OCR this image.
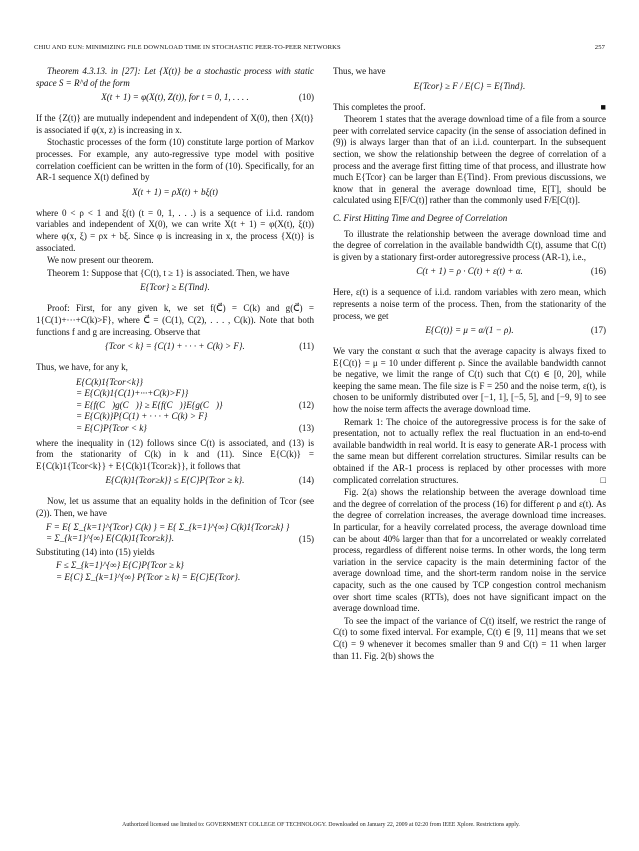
CHIU AND EUN: MINIMIZING FILE DOWNLOAD TIME IN STOCHASTIC PEER-TO-PEER NETWORKS	257

Theorem 4.3.13. in [27]: Let {X(t)} be a stochastic process with static space S = R^d of the form

X(t + 1) = φ(X(t), Z(t)), for t = 0, 1, . . . .	(10)

If the {Z(t)} are mutually independent and independent of X(0), then {X(t)} is associated if φ(x, z) is increasing in x.

Stochastic processes of the form (10) constitute large portion of Markov processes. For example, any auto-regressive type model with positive correlation coefficient can be written in the form of (10). Specifically, for an AR-1 sequence X(t) defined by

X(t + 1) = ρX(t) + bξ(t)

where 0 < ρ < 1 and ξ(t) (t = 0, 1, . . .) is a sequence of i.i.d. random variables and independent of X(0), we can write X(t + 1) = φ(X(t), ξ(t)) where φ(x, ξ) = ρx + bξ. Since φ is increasing in x, the process {X(t)} is associated.

We now present our theorem.

Theorem 1: Suppose that {C(t), t ≥ 1} is associated. Then, we have

E{Tcor} ≥ E{Tind}.

Proof: First, for any given k, we set f(C⃗) = C(k) and g(C⃗) = 1{C(1)+···+C(k)>F}, where C⃗ = (C(1), C(2), . . . , C(k)). Note that both functions f and g are increasing. Observe that

{Tcor < k} = {C(1) + · · · + C(k) > F}.	(11)

Thus, we have, for any k,

E{C(k)1{Tcor<k}}
= E{C(k)1{C(1)+···+C(k)>F}}
= E{f(C⃗)g(C⃗)} ≥ E{f(C⃗)}E{g(C⃗)}
= E{C(k)}P{C(1) + · · · + C(k) > F}
= E{C}P{Tcor < k}
(12)
(13)

where the inequality in (12) follows since C(t) is associated, and (13) is from the stationarity of C(k) in k and (11). Since E{C(k)} = E{C(k)1{Tcor<k}} + E{C(k)1{Tcor≥k}}, it follows that

E{C(k)1{Tcor≥k}} ≤ E{C}P{Tcor ≥ k}.	(14)

Now, let us assume that an equality holds in the definition of Tcor (see (2)). Then, we have

F = E{ Σ_{k=1}^{Tcor} C(k) } = E{ Σ_{k=1}^{∞} C(k)1{Tcor≥k} }
= Σ_{k=1}^{∞} E{C(k)1{Tcor≥k}}.	(15)

Substituting (14) into (15) yields

F ≤ Σ_{k=1}^{∞} E{C}P{Tcor ≥ k}
= E{C} Σ_{k=1}^{∞} P{Tcor ≥ k} = E{C}E{Tcor}.

Thus, we have

E{Tcor} ≥ F / E{C} = E{Tind}.

This completes the proof.	■

Theorem 1 states that the average download time of a file from a source peer with correlated service capacity (in the sense of association defined in (9)) is always larger than that of an i.i.d. counterpart. In the subsequent section, we show the relationship between the degree of correlation of a process and the average first fitting time of that process, and illustrate how much E{Tcor} can be larger than E{Tind}. From previous discussions, we know that in general the average download time, E[T], should be calculated using E[F/C(t)] rather than the commonly used F/E[C(t)].

C. First Hitting Time and Degree of Correlation

To illustrate the relationship between the average download time and the degree of correlation in the available bandwidth C(t), assume that C(t) is given by a stationary first-order autoregressive process (AR-1), i.e.,

C(t + 1) = ρ · C(t) + ε(t) + α.	(16)

Here, ε(t) is a sequence of i.i.d. random variables with zero mean, which represents a noise term of the process. Then, from the stationarity of the process, we get

E{C(t)} = μ = α/(1 − ρ).	(17)

We vary the constant α such that the average capacity is always fixed to E{C(t)} = μ = 10 under different ρ. Since the available bandwidth cannot be negative, we limit the range of C(t) such that C(t) ∈ [0, 20], while keeping the same mean. The file size is F = 250 and the noise term, ε(t), is chosen to be uniformly distributed over [−1, 1], [−5, 5], and [−9, 9] to see how the noise term affects the average download time.

Remark 1: The choice of the autoregressive process is for the sake of presentation, not to actually reflex the real fluctuation in an end-to-end available bandwidth in real world. It is easy to generate AR-1 process with the same mean but different correlation structures. Similar results can be obtained if the AR-1 process is replaced by other processes with more complicated correlation structures.	□

Fig. 2(a) shows the relationship between the average download time and the degree of correlation of the process (16) for different ρ and ε(t). As the degree of correlation increases, the average download time increases. In particular, for a heavily correlated process, the average download time can be about 40% larger than that for a uncorrelated or weakly correlated process, regardless of different noise terms. In other words, the long term variation in the service capacity is the main determining factor of the average download time, and the short-term random noise in the service capacity, such as the one caused by TCP congestion control mechanism over short time scales (RTTs), does not have significant impact on the average download time.

To see the impact of the variance of C(t) itself, we restrict the range of C(t) to some fixed interval. For example, C(t) ∈ [9, 11] means that we set C(t) = 9 whenever it becomes smaller than 9 and C(t) = 11 when larger than 11. Fig. 2(b) shows the

Authorized licensed use limited to: GOVERNMENT COLLEGE OF TECHNOLOGY. Downloaded on January 22, 2009 at 02:20 from IEEE Xplore. Restrictions apply.
